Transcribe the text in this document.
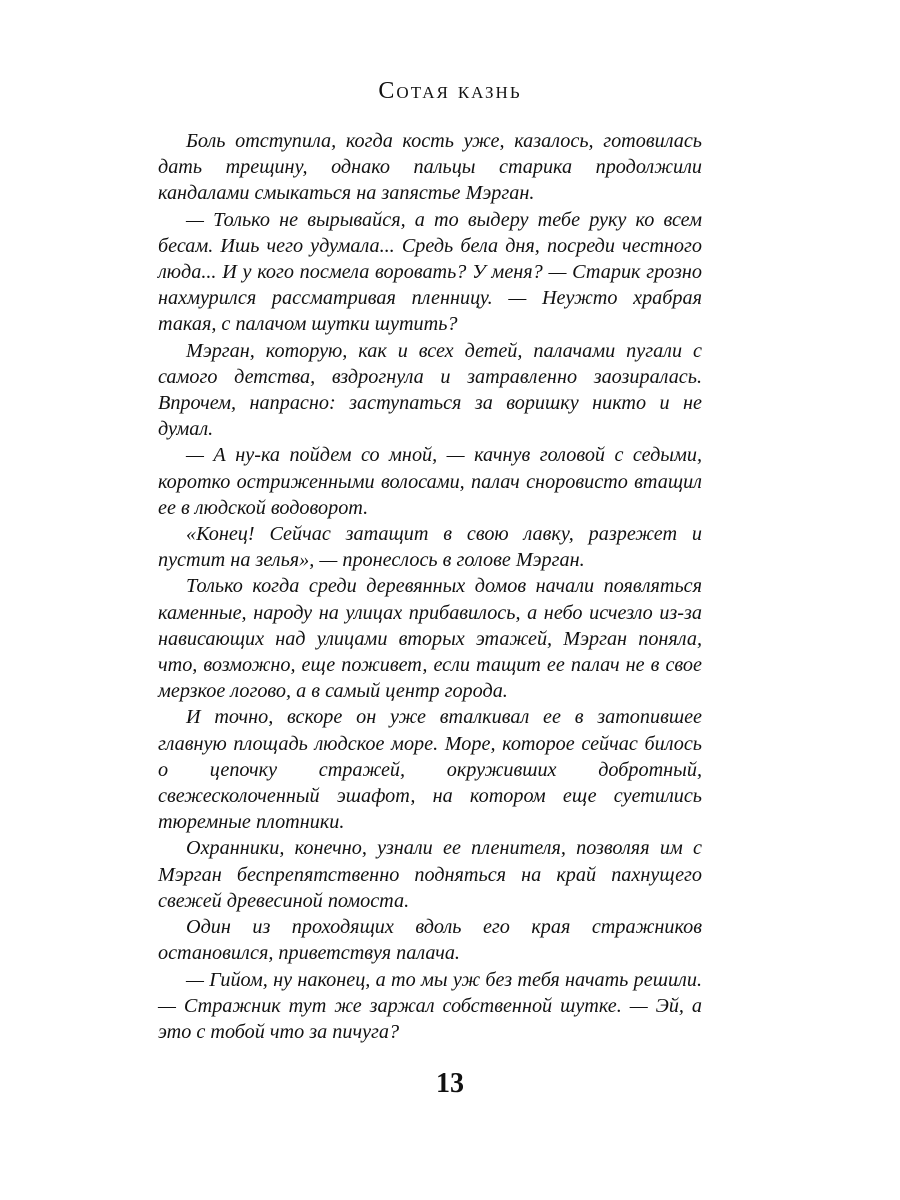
Сотая казнь

Боль отступила, когда кость уже, казалось, готовилась дать трещину, однако пальцы старика продолжили кандалами смыкаться на запястье Мэрган.

— Только не вырывайся, а то выдеру тебе руку ко всем бесам. Ишь чего удумала... Средь бела дня, посреди честного люда... И у кого посмела воровать? У меня? — Старик грозно нахмурился рассматривая пленницу. — Неужто храбрая такая, с палачом шутки шутить?

Мэрган, которую, как и всех детей, палачами пугали с самого детства, вздрогнула и затравленно заозиралась. Впрочем, напрасно: заступаться за воришку никто и не думал.

— А ну-ка пойдем со мной, — качнув головой с седыми, коротко остриженными волосами, палач сноровисто втащил ее в людской водоворот.

«Конец! Сейчас затащит в свою лавку, разрежет и пустит на зелья», — пронеслось в голове Мэрган.

Только когда среди деревянных домов начали появляться каменные, народу на улицах прибавилось, а небо исчезло из-за нависающих над улицами вторых этажей, Мэрган поняла, что, возможно, еще поживет, если тащит ее палач не в свое мерзкое логово, а в самый центр города.

И точно, вскоре он уже вталкивал ее в затопившее главную площадь людское море. Море, которое сейчас билось о цепочку стражей, окруживших добротный, свежесколоченный эшафот, на котором еще суетились тюремные плотники.

Охранники, конечно, узнали ее пленителя, позволяя им с Мэрган беспрепятственно подняться на край пахнущего свежей древесиной помоста.

Один из проходящих вдоль его края стражников остановился, приветствуя палача.

— Гийом, ну наконец, а то мы уж без тебя начать решили. — Стражник тут же заржал собственной шутке. — Эй, а это с тобой что за пичуга?

13
